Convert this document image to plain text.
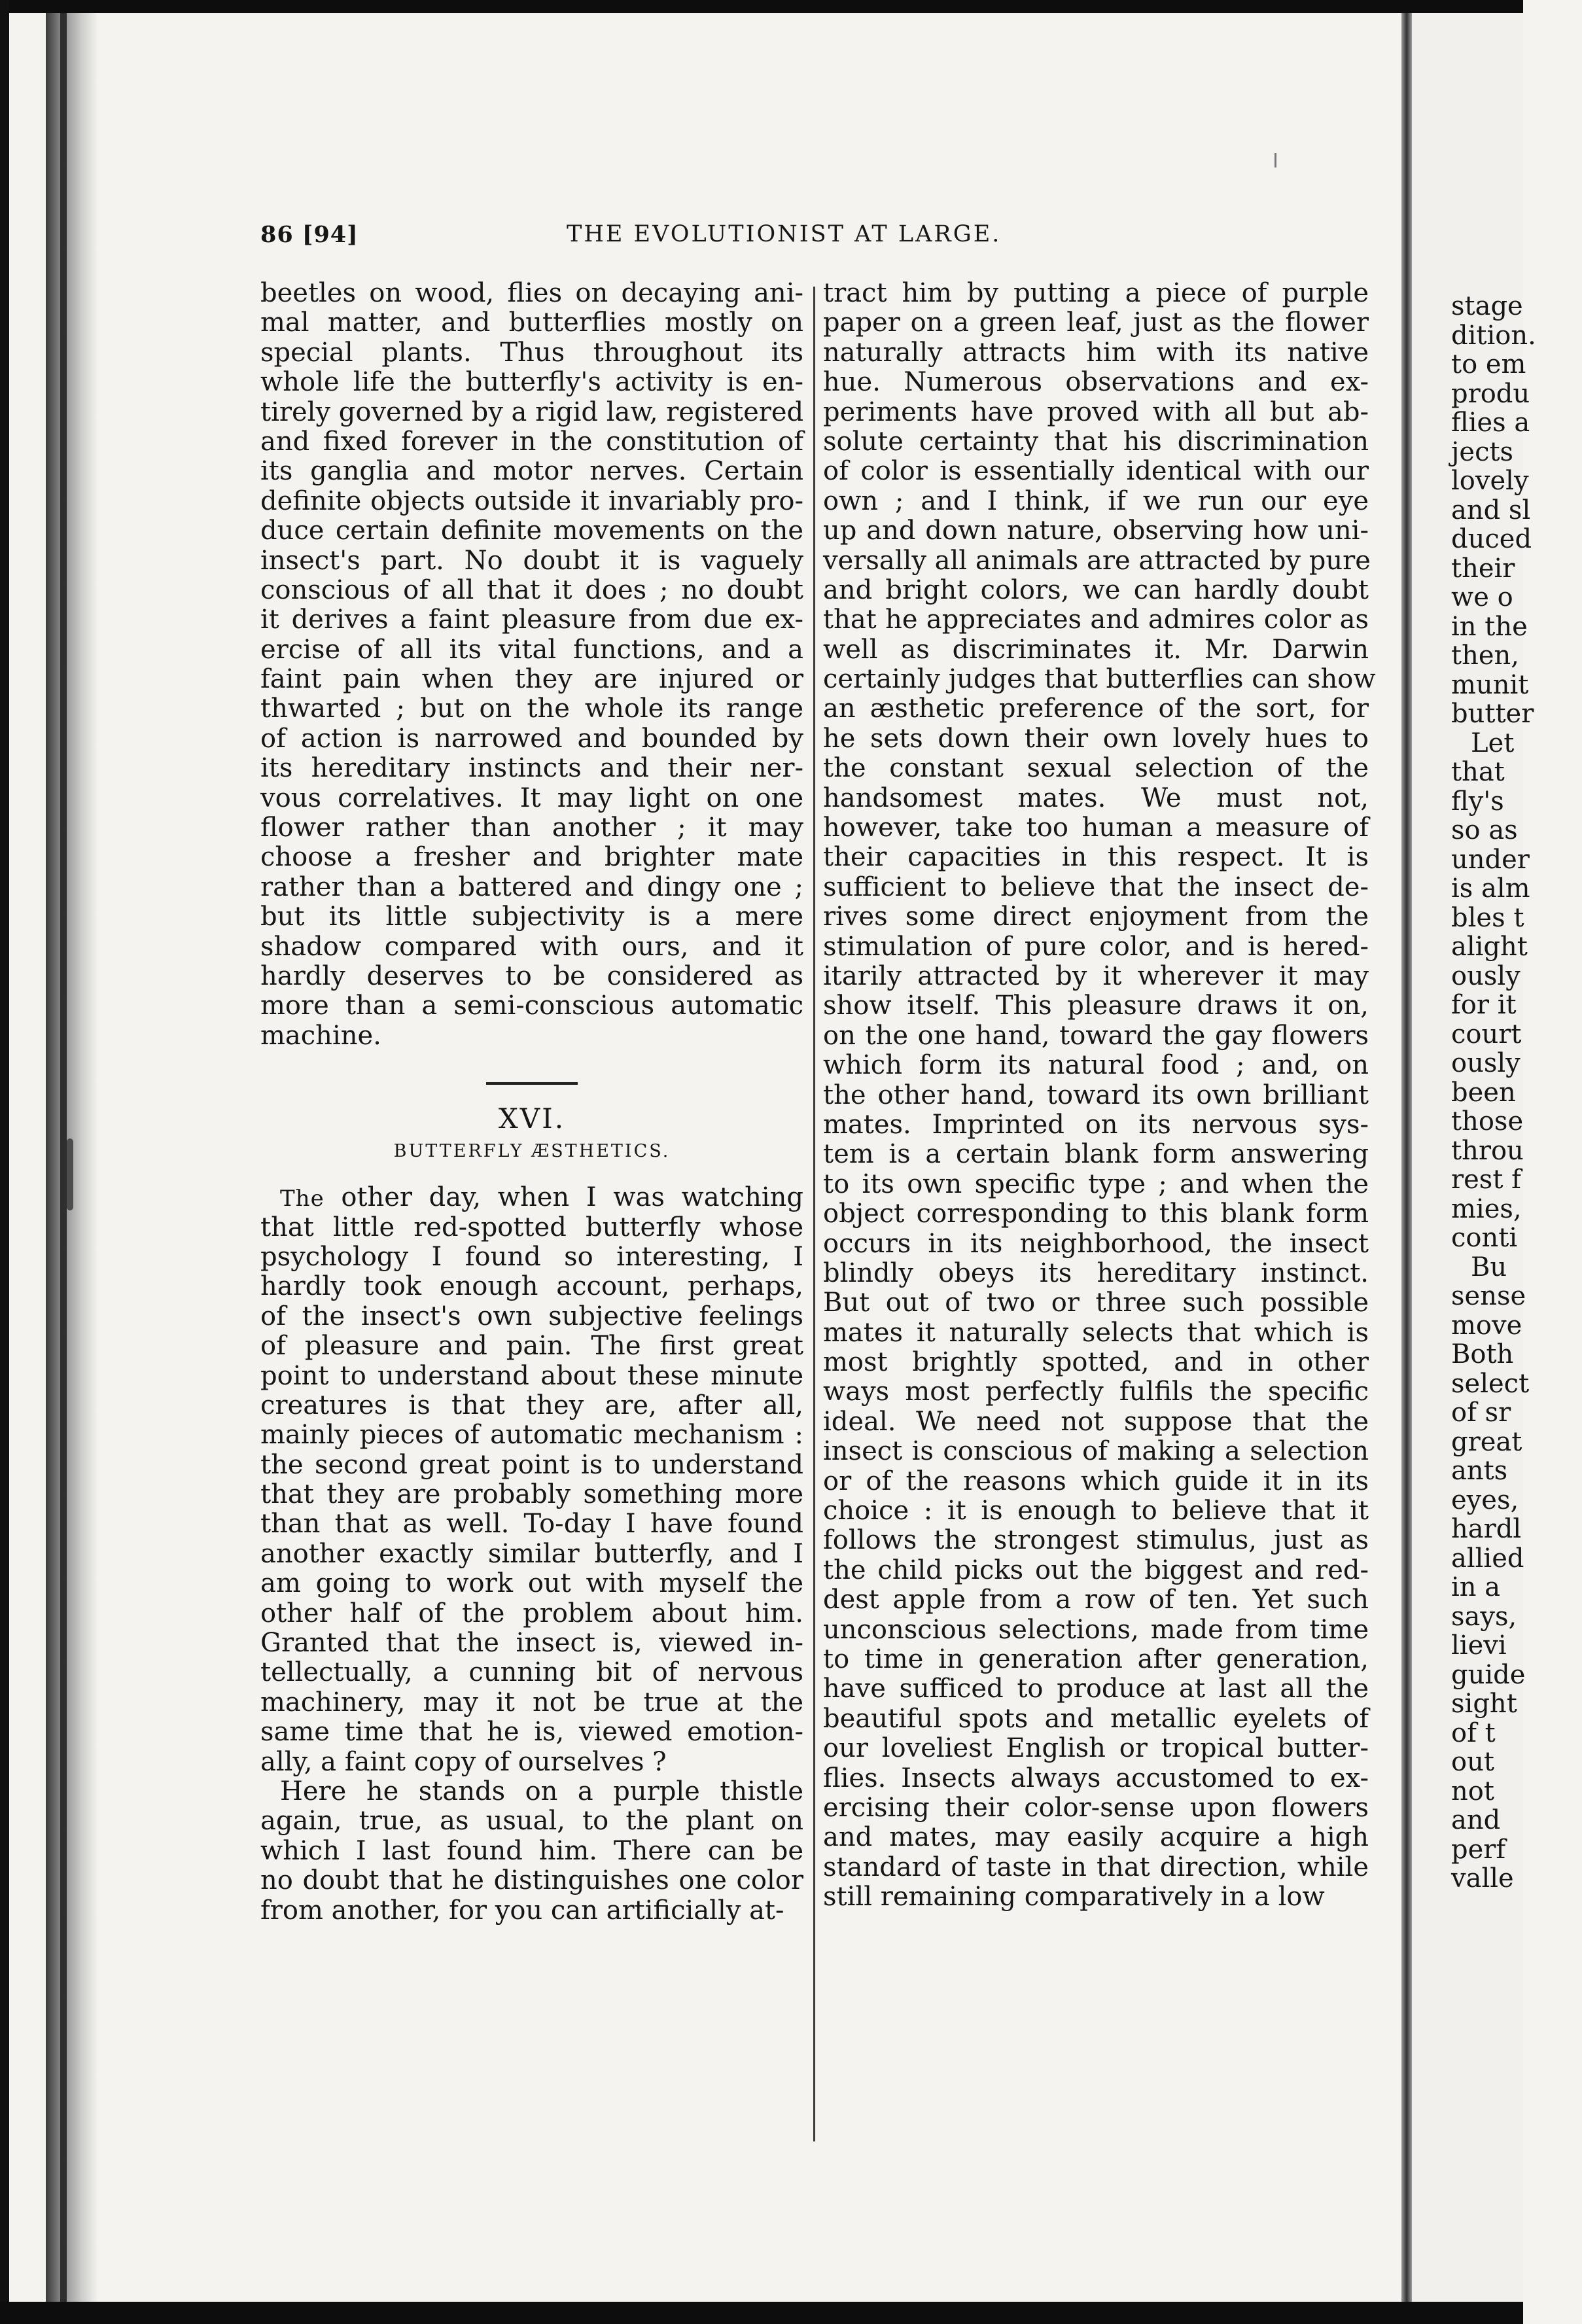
86 [94]	THE EVOLUTIONIST AT LARGE.
beetles on wood, flies on decaying ani-
mal matter, and butterflies mostly on
special plants. Thus throughout its
whole life the butterfly's activity is en-
tirely governed by a rigid law, registered
and fixed forever in the constitution of
its ganglia and motor nerves. Certain
definite objects outside it invariably pro-
duce certain definite movements on the
insect's part. No doubt it is vaguely
conscious of all that it does ; no doubt
it derives a faint pleasure from due ex-
ercise of all its vital functions, and a
faint pain when they are injured or
thwarted ; but on the whole its range
of action is narrowed and bounded by
its hereditary instincts and their ner-
vous correlatives. It may light on one
flower rather than another ; it may
choose a fresher and brighter mate
rather than a battered and dingy one ;
but its little subjectivity is a mere
shadow compared with ours, and it
hardly deserves to be considered as
more than a semi-conscious automatic
machine.
XVI.
BUTTERFLY ÆSTHETICS.
The other day, when I was watching
that little red-spotted butterfly whose
psychology I found so interesting, I
hardly took enough account, perhaps,
of the insect's own subjective feelings
of pleasure and pain. The first great
point to understand about these minute
creatures is that they are, after all,
mainly pieces of automatic mechanism :
the second great point is to understand
that they are probably something more
than that as well. To-day I have found
another exactly similar butterfly, and I
am going to work out with myself the
other half of the problem about him.
Granted that the insect is, viewed in-
tellectually, a cunning bit of nervous
machinery, may it not be true at the
same time that he is, viewed emotion-
ally, a faint copy of ourselves ?
Here he stands on a purple thistle
again, true, as usual, to the plant on
which I last found him. There can be
no doubt that he distinguishes one color
from another, for you can artificially at-
tract him by putting a piece of purple
paper on a green leaf, just as the flower
naturally attracts him with its native
hue. Numerous observations and ex-
periments have proved with all but ab-
solute certainty that his discrimination
of color is essentially identical with our
own ; and I think, if we run our eye
up and down nature, observing how uni-
versally all animals are attracted by pure
and bright colors, we can hardly doubt
that he appreciates and admires color as
well as discriminates it. Mr. Darwin
certainly judges that butterflies can show
an æsthetic preference of the sort, for
he sets down their own lovely hues to
the constant sexual selection of the
handsomest mates. We must not,
however, take too human a measure of
their capacities in this respect. It is
sufficient to believe that the insect de-
rives some direct enjoyment from the
stimulation of pure color, and is hered-
itarily attracted by it wherever it may
show itself. This pleasure draws it on,
on the one hand, toward the gay flowers
which form its natural food ; and, on
the other hand, toward its own brilliant
mates. Imprinted on its nervous sys-
tem is a certain blank form answering
to its own specific type ; and when the
object corresponding to this blank form
occurs in its neighborhood, the insect
blindly obeys its hereditary instinct.
But out of two or three such possible
mates it naturally selects that which is
most brightly spotted, and in other
ways most perfectly fulfils the specific
ideal. We need not suppose that the
insect is conscious of making a selection
or of the reasons which guide it in its
choice : it is enough to believe that it
follows the strongest stimulus, just as
the child picks out the biggest and red-
dest apple from a row of ten. Yet such
unconscious selections, made from time
to time in generation after generation,
have sufficed to produce at last all the
beautiful spots and metallic eyelets of
our loveliest English or tropical butter-
flies. Insects always accustomed to ex-
ercising their color-sense upon flowers
and mates, may easily acquire a high
standard of taste in that direction, while
still remaining comparatively in a low
stage
dition.
to em
produ
flies a
jects
lovely
and sl
duced
their
we o
in the
then,
munit
butter
Let
that
fly's
so as
under
is alm
bles t
alight
ously
for it
court
ously
been
those
throu
rest f
mies,
conti
Bu
sense
move
Both
select
of sr
great
ants
eyes,
hardl
allied
in a
says,
lievi
guide
sight
of t
out
not
and
perf
valle
